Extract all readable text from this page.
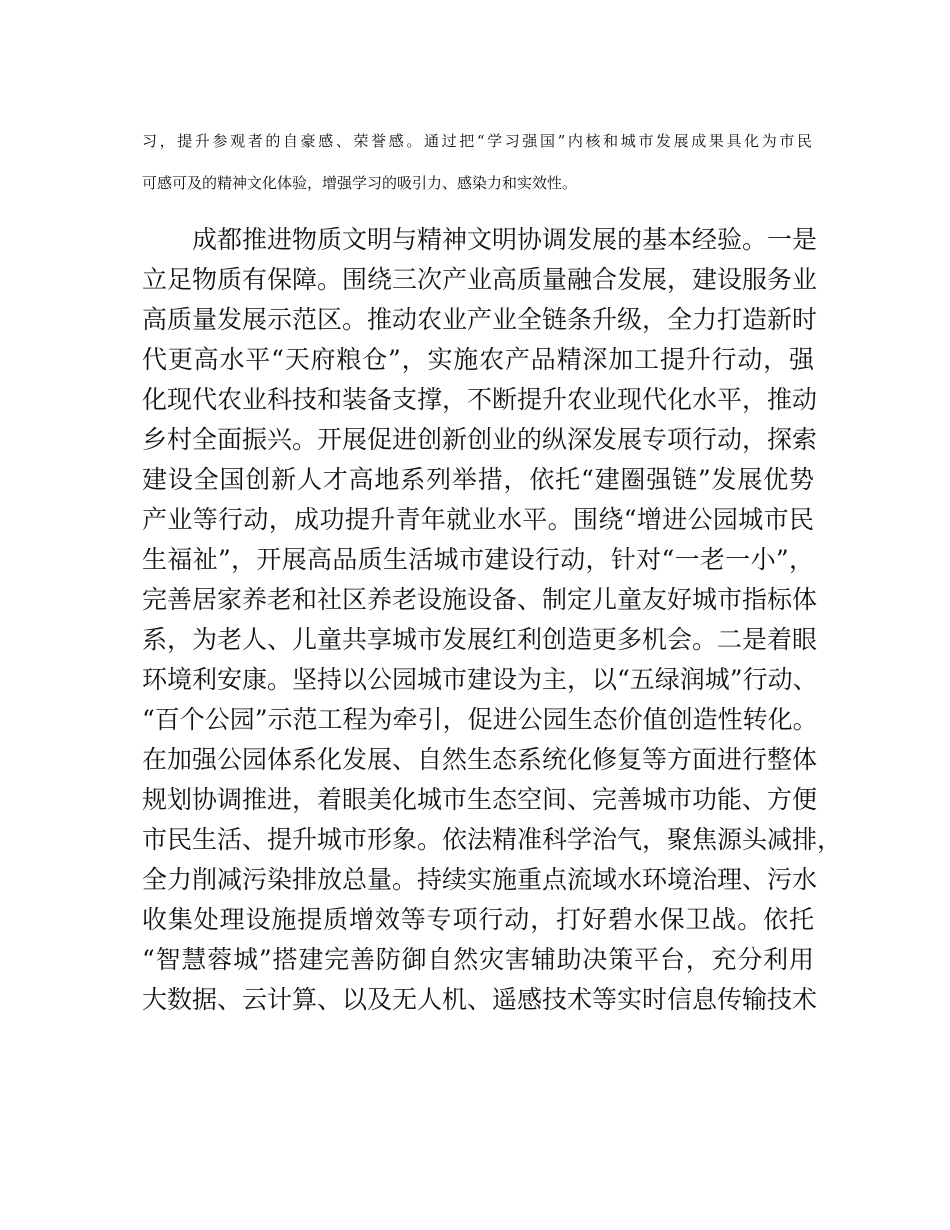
习，提升参观者的自豪感、荣誉感。通过把“学习强国”内核和城市发展成果具化为市民
可感可及的精神文化体验，增强学习的吸引力、感染力和实效性。
　　成都推进物质文明与精神文明协调发展的基本经验。一是
立足物质有保障。围绕三次产业高质量融合发展，建设服务业
高质量发展示范区。推动农业产业全链条升级，全力打造新时
代更高水平“天府粮仓”，实施农产品精深加工提升行动，强
化现代农业科技和装备支撑，不断提升农业现代化水平，推动
乡村全面振兴。开展促进创新创业的纵深发展专项行动，探索
建设全国创新人才高地系列举措，依托“建圈强链”发展优势
产业等行动，成功提升青年就业水平。围绕“增进公园城市民
生福祉”，开展高品质生活城市建设行动，针对“一老一小”，
完善居家养老和社区养老设施设备、制定儿童友好城市指标体
系，为老人、儿童共享城市发展红利创造更多机会。二是着眼
环境利安康。坚持以公园城市建设为主，以“五绿润城”行动、
“百个公园”示范工程为牵引，促进公园生态价值创造性转化。
在加强公园体系化发展、自然生态系统化修复等方面进行整体
规划协调推进，着眼美化城市生态空间、完善城市功能、方便
市民生活、提升城市形象。依法精准科学治气，聚焦源头减排，
全力削减污染排放总量。持续实施重点流域水环境治理、污水
收集处理设施提质增效等专项行动，打好碧水保卫战。依托
“智慧蓉城”搭建完善防御自然灾害辅助决策平台，充分利用
大数据、云计算、以及无人机、遥感技术等实时信息传输技术
